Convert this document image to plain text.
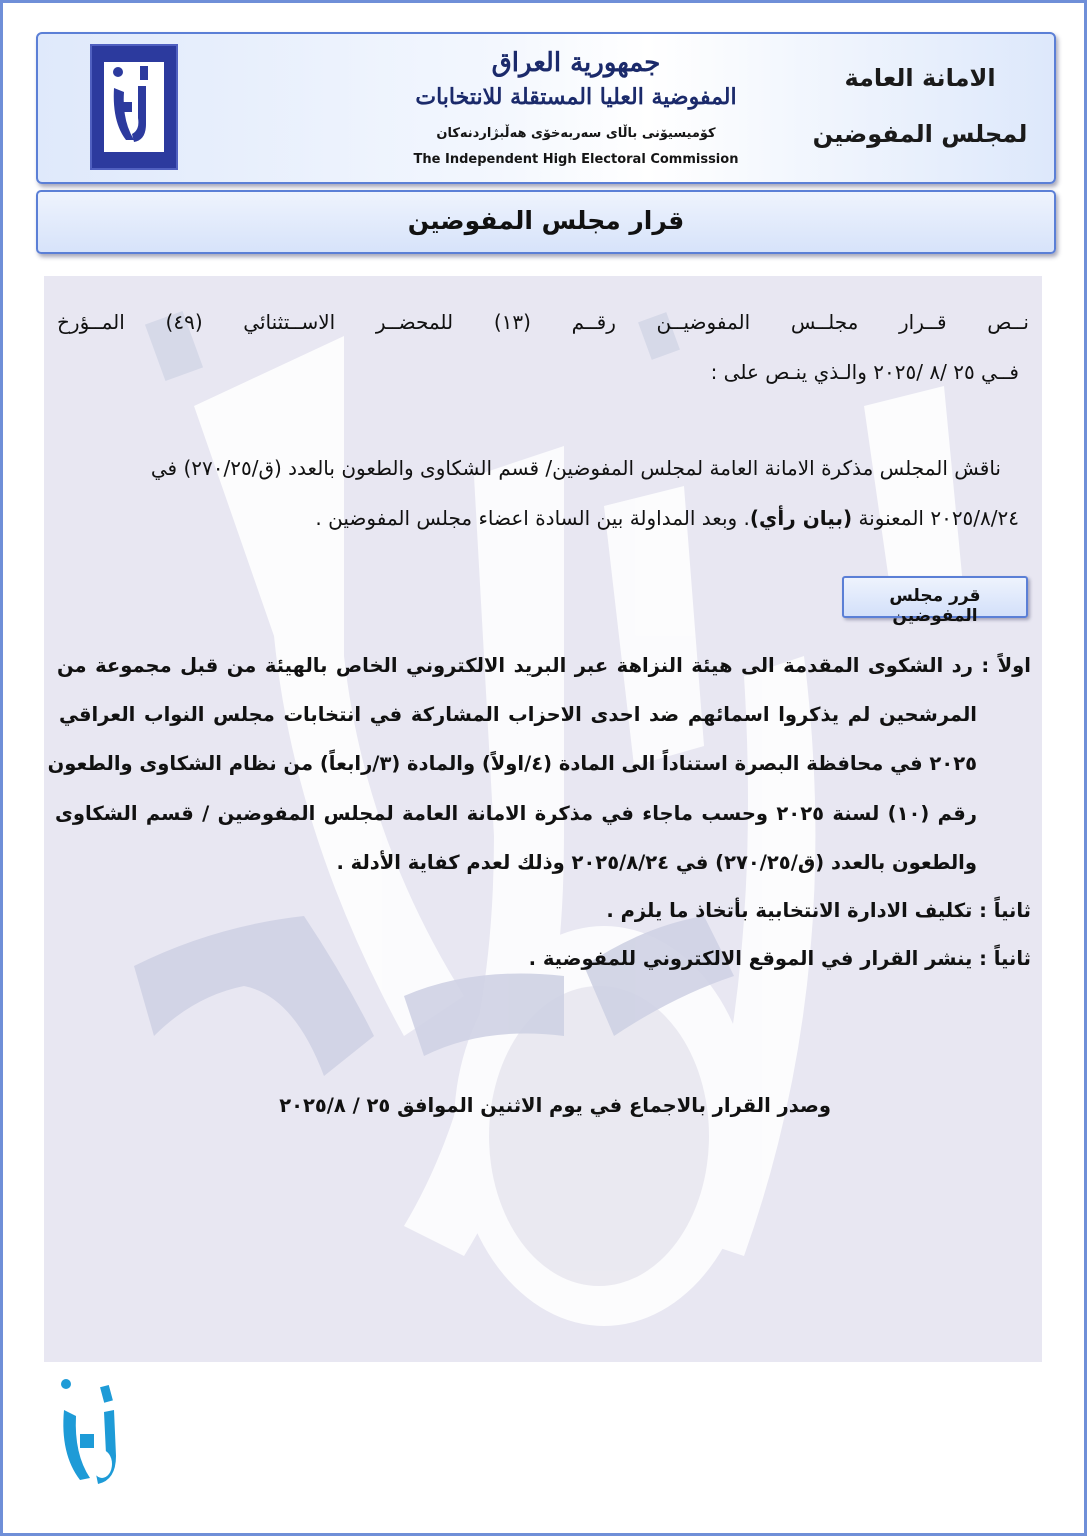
جمهورية العراق
المفوضية العليا المستقلة للانتخابات
كۆمیسیۆنی باڵای سەربەخۆی هەڵبژاردنەكان
The Independent High Electoral Commission
الامانة العامة
لمجلس المفوضين
قرار مجلس المفوضين
نــص قــرار مجلــس المفوضيــن رقــم (١٣) للمحضــر الاســتثنائي (٤٩) المــؤرخ
فــي ٢٥ /٨ /٢٠٢٥ والـذي ينـص على :
ناقش المجلس مذكرة الامانة العامة لمجلس المفوضين/ قسم الشكاوى والطعون بالعدد (ق/٢٧٠/٢٥) في
٢٠٢٥/٨/٢٤ المعنونة (بيان رأي). وبعد المداولة بين السادة اعضاء مجلس المفوضين .
قرر مجلس المفوضين
اولاً : رد الشكوى المقدمة الى هيئة النزاهة عبر البريد الالكتروني الخاص بالهيئة من قبل مجموعة من
المرشحين لم يذكروا اسمائهم ضد احدى الاحزاب المشاركة في انتخابات مجلس النواب العراقي
٢٠٢٥ في محافظة البصرة استناداً الى المادة (٤/اولاً) والمادة (٣/رابعاً) من نظام الشكاوى والطعون
رقم (١٠) لسنة ٢٠٢٥ وحسب ماجاء في مذكرة الامانة العامة لمجلس المفوضين / قسم الشكاوى
والطعون بالعدد (ق/٢٧٠/٢٥) في ٢٠٢٥/٨/٢٤ وذلك لعدم كفاية الأدلة .
ثانياً : تكليف الادارة الانتخابية بأتخاذ ما يلزم .
ثانياً : ينشر القرار في الموقع الالكتروني للمفوضية .
وصدر القرار بالاجماع في يوم الاثنين الموافق ٢٥ / ٢٠٢٥/٨
